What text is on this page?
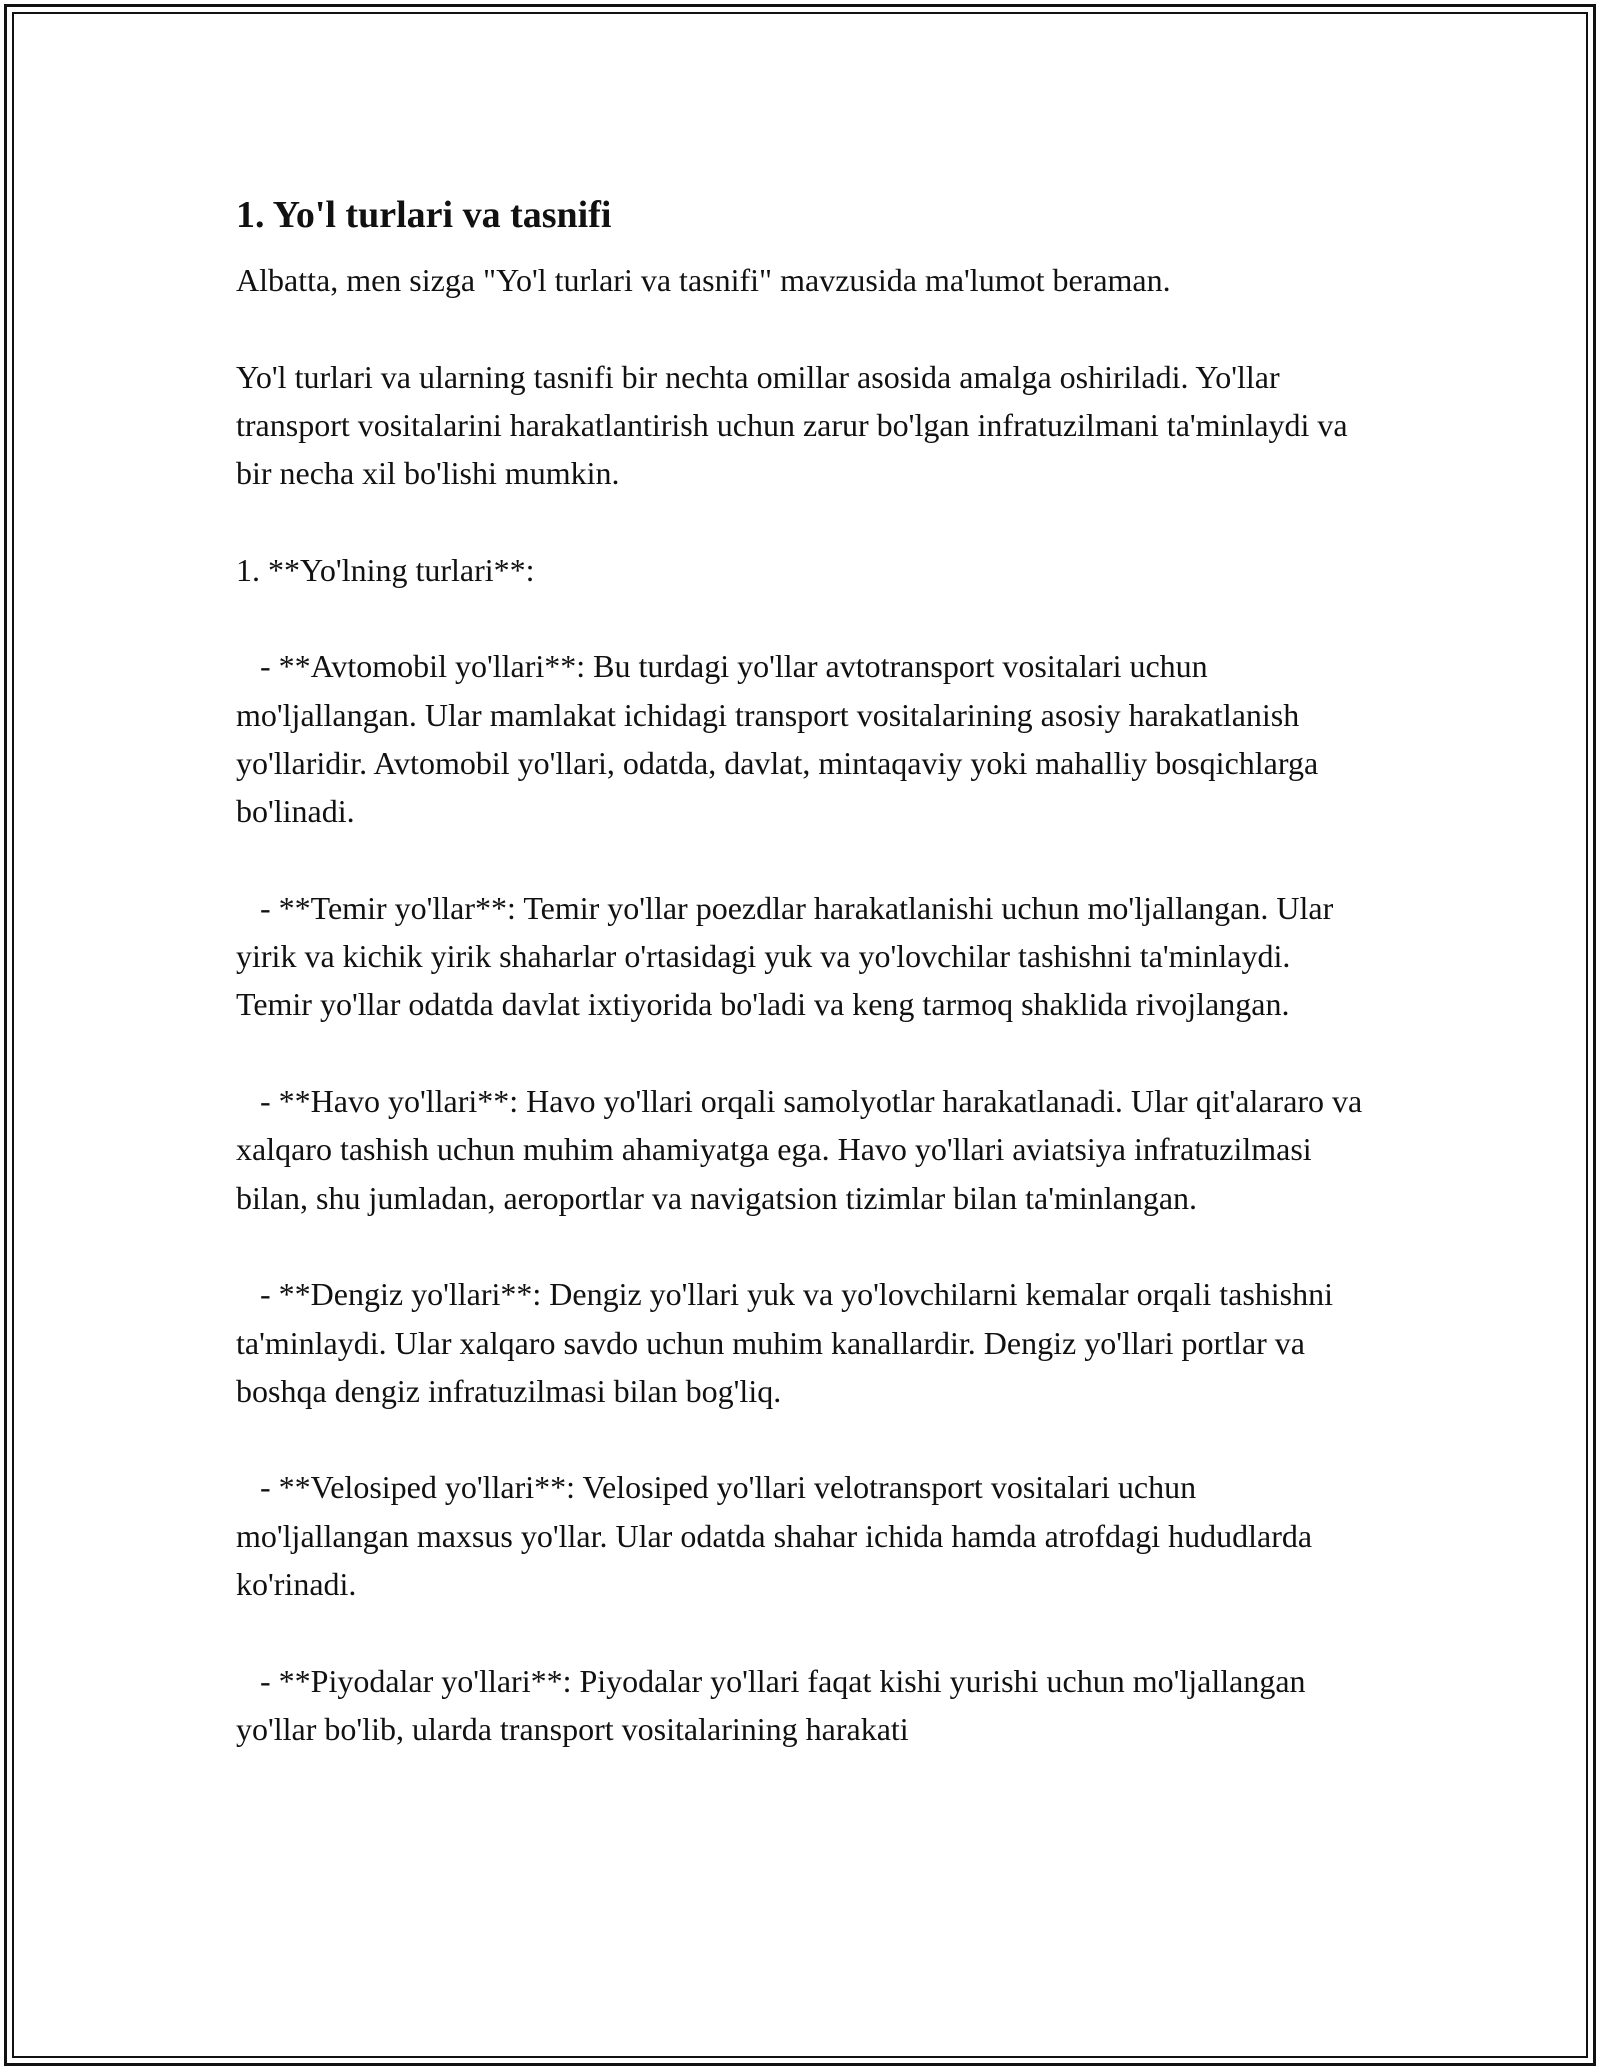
1. Yo'l turlari va tasnifi

Albatta, men sizga "Yo'l turlari va tasnifi" mavzusida ma'lumot beraman.

Yo'l turlari va ularning tasnifi bir nechta omillar asosida amalga oshiriladi. Yo'llar transport vositalarini harakatlantirish uchun zarur bo'lgan infratuzilmani ta'minlaydi va bir necha xil bo'lishi mumkin.

1. **Yo'lning turlari**:

- **Avtomobil yo'llari**: Bu turdagi yo'llar avtotransport vositalari uchun mo'ljallangan. Ular mamlakat ichidagi transport vositalarining asosiy harakatlanish yo'llaridir. Avtomobil yo'llari, odatda, davlat, mintaqaviy yoki mahalliy bosqichlarga bo'linadi.

- **Temir yo'llar**: Temir yo'llar poezdlar harakatlanishi uchun mo'ljallangan. Ular yirik va kichik yirik shaharlar o'rtasidagi yuk va yo'lovchilar tashishni ta'minlaydi. Temir yo'llar odatda davlat ixtiyorida bo'ladi va keng tarmoq shaklida rivojlangan.

- **Havo yo'llari**: Havo yo'llari orqali samolyotlar harakatlanadi. Ular qit'alararo va xalqaro tashish uchun muhim ahamiyatga ega. Havo yo'llari aviatsiya infratuzilmasi bilan, shu jumladan, aeroportlar va navigatsion tizimlar bilan ta'minlangan.

- **Dengiz yo'llari**: Dengiz yo'llari yuk va yo'lovchilarni kemalar orqali tashishni ta'minlaydi. Ular xalqaro savdo uchun muhim kanallardir. Dengiz yo'llari portlar va boshqa dengiz infratuzilmasi bilan bog'liq.

- **Velosiped yo'llari**: Velosiped yo'llari velotransport vositalari uchun mo'ljallangan maxsus yo'llar. Ular odatda shahar ichida hamda atrofdagi hududlarda ko'rinadi.

- **Piyodalar yo'llari**: Piyodalar yo'llari faqat kishi yurishi uchun mo'ljallangan yo'llar bo'lib, ularda transport vositalarining harakati
